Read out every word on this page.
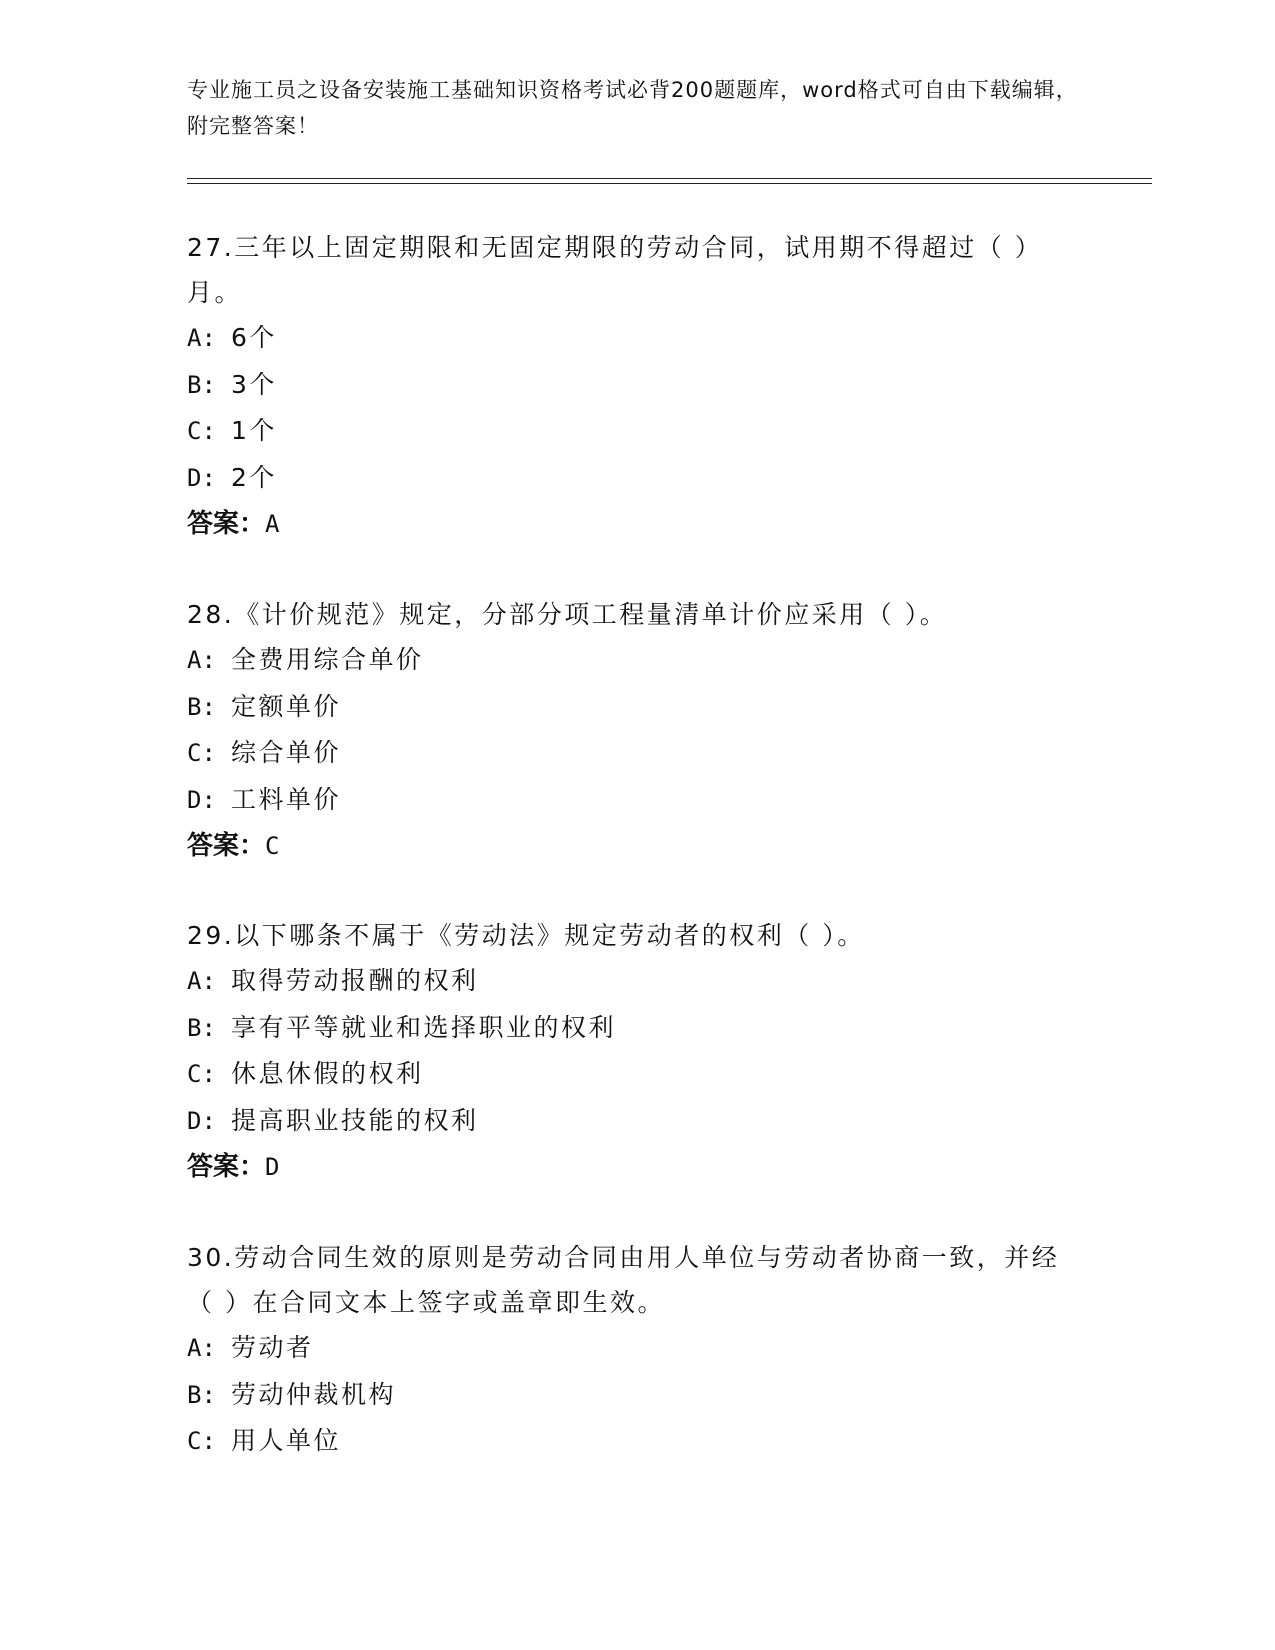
专业施工员之设备安装施工基础知识资格考试必背200题题库，word格式可自由下载编辑，附完整答案！

27.三年以上固定期限和无固定期限的劳动合同，试用期不得超过（ ）月。

A: 6个

B: 3个

C: 1个

D: 2个

答案：A

28.《计价规范》规定，分部分项工程量清单计价应采用（ ）。

A: 全费用综合单价

B: 定额单价

C: 综合单价

D: 工料单价

答案：C

29.以下哪条不属于《劳动法》规定劳动者的权利（ ）。

A: 取得劳动报酬的权利

B: 享有平等就业和选择职业的权利

C: 休息休假的权利

D: 提高职业技能的权利

答案：D

30.劳动合同生效的原则是劳动合同由用人单位与劳动者协商一致，并经（ ）在合同文本上签字或盖章即生效。

A: 劳动者

B: 劳动仲裁机构

C: 用人单位
